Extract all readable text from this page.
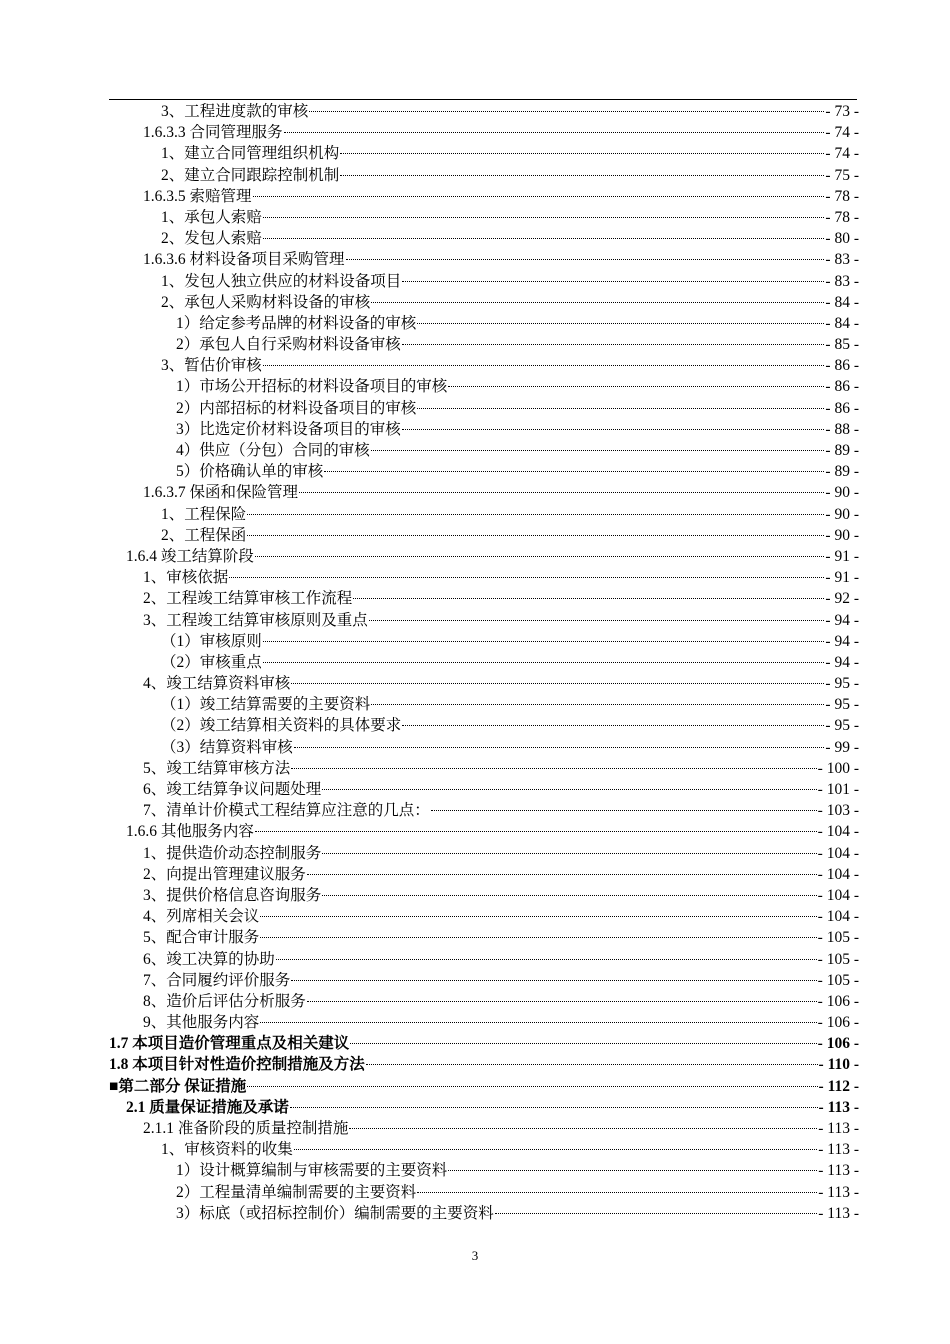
3、工程进度款的审核	- 73 -
1.6.3.3 合同管理服务	- 74 -
1、建立合同管理组织机构	- 74 -
2、建立合同跟踪控制机制	- 75 -
1.6.3.5 索赔管理	- 78 -
1、承包人索赔	- 78 -
2、发包人索赔	- 80 -
1.6.3.6 材料设备项目采购管理	- 83 -
1、发包人独立供应的材料设备项目	- 83 -
2、承包人采购材料设备的审核	- 84 -
1）给定参考品牌的材料设备的审核	- 84 -
2）承包人自行采购材料设备审核	- 85 -
3、暂估价审核	- 86 -
1）市场公开招标的材料设备项目的审核	- 86 -
2）内部招标的材料设备项目的审核	- 86 -
3）比选定价材料设备项目的审核	- 88 -
4）供应（分包）合同的审核	- 89 -
5）价格确认单的审核	- 89 -
1.6.3.7 保函和保险管理	- 90 -
1、工程保险	- 90 -
2、工程保函	- 90 -
1.6.4 竣工结算阶段	- 91 -
1、审核依据	- 91 -
2、工程竣工结算审核工作流程	- 92 -
3、工程竣工结算审核原则及重点	- 94 -
（1）审核原则	- 94 -
（2）审核重点	- 94 -
4、竣工结算资料审核	- 95 -
（1）竣工结算需要的主要资料	- 95 -
（2）竣工结算相关资料的具体要求	- 95 -
（3）结算资料审核	- 99 -
5、竣工结算审核方法	- 100 -
6、竣工结算争议问题处理	- 101 -
7、清单计价模式工程结算应注意的几点：	- 103 -
1.6.6 其他服务内容	- 104 -
1、提供造价动态控制服务	- 104 -
2、向提出管理建议服务	- 104 -
3、提供价格信息咨询服务	- 104 -
4、列席相关会议	- 104 -
5、配合审计服务	- 105 -
6、竣工决算的协助	- 105 -
7、合同履约评价服务	- 105 -
8、造价后评估分析服务	- 106 -
9、其他服务内容	- 106 -
1.7 本项目造价管理重点及相关建议	- 106 -
1.8 本项目针对性造价控制措施及方法	- 110 -
■第二部分 保证措施	- 112 -
2.1 质量保证措施及承诺	- 113 -
2.1.1 准备阶段的质量控制措施	- 113 -
1、审核资料的收集	- 113 -
1）设计概算编制与审核需要的主要资料	- 113 -
2）工程量清单编制需要的主要资料	- 113 -
3）标底（或招标控制价）编制需要的主要资料	- 113 -
3
